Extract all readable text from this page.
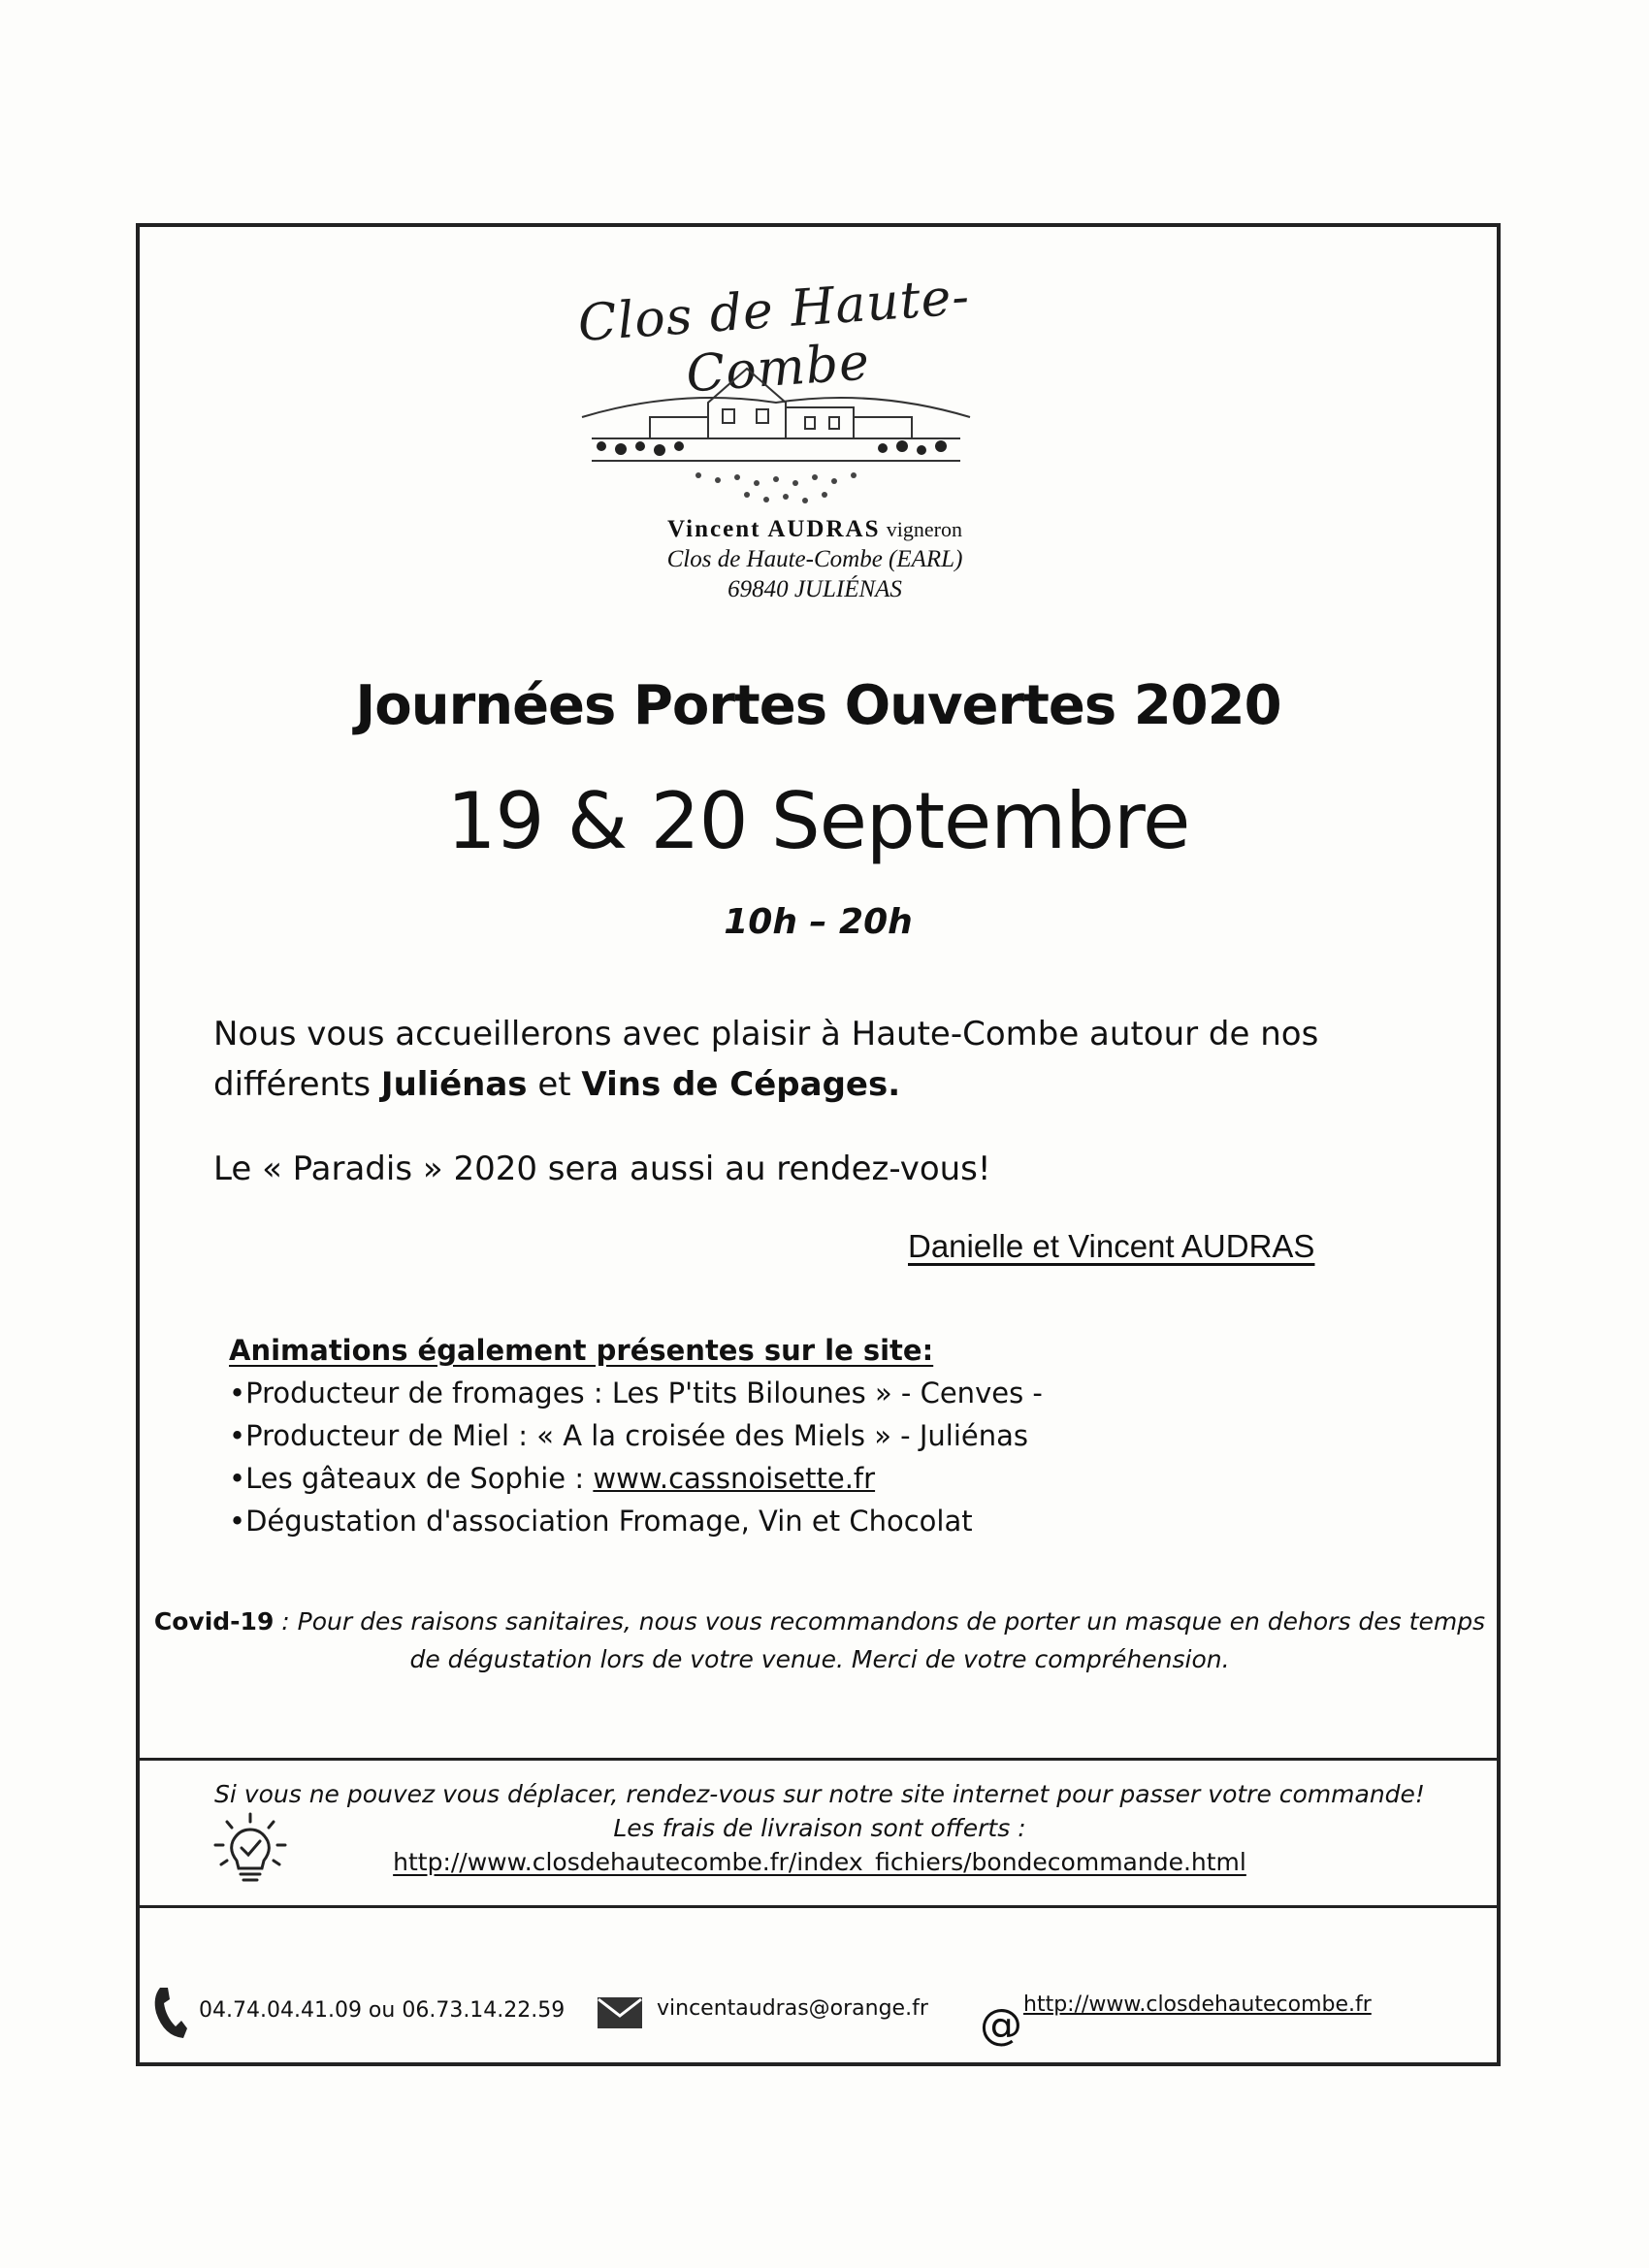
Clos de Haute-Combe
Vincent AUDRAS vigneron
Clos de Haute-Combe (EARL)
69840 JULIÉNAS
Journées Portes Ouvertes 2020
19 & 20 Septembre
10h – 20h
Nous vous accueillerons avec plaisir à Haute-Combe autour de nos différents Juliénas et Vins de Cépages.
Le « Paradis » 2020 sera aussi au rendez-vous!
Danielle et Vincent AUDRAS
Animations également présentes sur le site:
•Producteur de fromages : Les P'tits Bilounes » - Cenves -
•Producteur de Miel : « A la croisée des Miels » - Juliénas
•Les gâteaux de Sophie : www.cassnoisette.fr
•Dégustation d'association Fromage, Vin et Chocolat
Covid-19 : Pour des raisons sanitaires, nous vous recommandons de porter un masque en dehors des temps de dégustation lors de votre venue. Merci de votre compréhension.
Si vous ne pouvez vous déplacer, rendez-vous sur notre site internet pour passer votre commande!
Les frais de livraison sont offerts :
http://www.closdehautecombe.fr/index_fichiers/bondecommande.html
04.74.04.41.09 ou 06.73.14.22.59	vincentaudras@orange.fr @ http://www.closdehautecombe.fr
